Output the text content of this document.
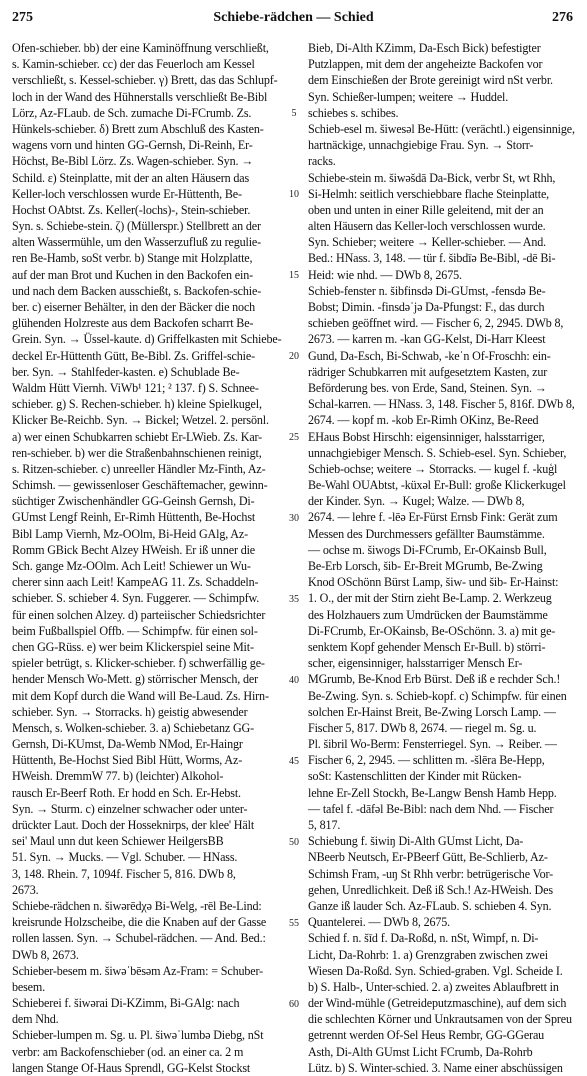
275	Schiebe-rädchen — Schied	276
Ofen-schieber. bb) der eine Kaminöffnung verschließt,
s. Kamin-schieber. cc) der das Feuerloch am Kessel
verschließt, s. Kessel-schieber. γ) Brett, das das Schlupf-
loch in der Wand des Hühnerstalls verschließt Be-Bibl
Lörz, Az-FLaub. de Sch. zumache Di-FCrumb. Zs.
Hünkels-schieber. δ) Brett zum Abschluß des Kasten-
wagens vorn und hinten GG-Gernsh, Di-Reinh, Er-
Höchst, Be-Bibl Lörz. Zs. Wagen-schieber. Syn. →
Schild. ε) Steinplatte, mit der an alten Häusern das
Keller-loch verschlossen wurde Er-Hüttenth, Be-
Hochst OAbtst. Zs. Keller(-lochs)-, Stein-schieber.
Syn. s. Schiebe-stein. ζ) (Müllerspr.) Stellbrett an der
alten Wassermühle, um den Wasserzufluß zu regulie-
ren Be-Hamb, soSt verbr. b) Stange mit Holzplatte,
auf der man Brot und Kuchen in den Backofen ein-
und nach dem Backen ausschießt, s. Backofen-schie-
ber. c) eiserner Behälter, in den der Bäcker die noch
glühenden Holzreste aus dem Backofen scharrt Be-
Grein. Syn. → Üssel-kaute. d) Griffelkasten mit Schiebe-
deckel Er-Hüttenth Gütt, Be-Bibl. Zs. Griffel-schie-
ber. Syn. → Stahlfeder-kasten. e) Schublade Be-
Waldm Hütt Viernh. ViWb¹ 121; ² 137. f) S. Schnee-
schieber. g) S. Rechen-schieber. h) kleine Spielkugel,
Klicker Be-Reichb. Syn. → Bickel; Wetzel. 2. persönl.
a) wer einen Schubkarren schiebt Er-LWieb. Zs. Kar-
ren-schieber. b) wer die Straßenbahnschienen reinigt,
s. Ritzen-schieber. c) unreeller Händler Mz-Finth, Az-
Schimsh. — gewissenloser Geschäftemacher, gewinn-
süchtiger Zwischenhändler GG-Geinsh Gernsh, Di-
GUmst Lengf Reinh, Er-Rimh Hüttenth, Be-Hochst
Bibl Lamp Viernh, Mz-OOlm, Bi-Heid GAlg, Az-
Romm GBick Becht Alzey HWeish. Er iß unner die
Sch. gange Mz-OOlm. Ach Leit! Schiewer un Wu-
cherer sinn aach Leit! KampeAG 11. Zs. Schaddeln-
schieber. S. schieber 4. Syn. Fuggerer. — Schimpfw.
für einen solchen Alzey. d) parteiischer Schiedsrichter
beim Fußballspiel Offb. — Schimpfw. für einen sol-
chen GG-Rüss. e) wer beim Klickerspiel seine Mit-
spieler betrügt, s. Klicker-schieber. f) schwerfällig ge-
hender Mensch Wo-Mett. g) störrischer Mensch, der
mit dem Kopf durch die Wand will Be-Laud. Zs. Hirn-
schieber. Syn. → Storracks. h) geistig abwesender
Mensch, s. Wolken-schieber. 3. a) Schiebetanz GG-
Gernsh, Di-KUmst, Da-Wemb NMod, Er-Haingr
Hüttenth, Be-Hochst Sied Bibl Hütt, Worms, Az-
HWeish. DremmW 77. b) (leichter) Alkohol-
rausch Er-Beerf Roth. Er hodd en Sch. Er-Hebst.
Syn. → Sturm. c) einzelner schwacher oder unter-
drückter Laut. Doch der Hosseknirps, der klee' Hält
sei' Maul unn dut keen Schiewer HeilgersBB
51. Syn. → Mucks. — Vgl. Schuber. — HNass.
3, 148. Rhein. 7, 1094f. Fischer 5, 816. DWb 8,
2673.
Schiebe-rädchen n. šiwərēdχə Bi-Welg, -rēl Be-Lind:
kreisrunde Holzscheibe, die die Knaben auf der Gasse
rollen lassen. Syn. → Schubel-rädchen. — And. Bed.:
DWb 8, 2673.
Schieber-besem m. šiwəˈbēsəm Az-Fram: = Schuber-
besem.
Schieberei f. šiwərai Di-KZimm, Bi-GAlg: nach
dem Nhd.
Schieber-lumpen m. Sg. u. Pl. šiwəˈlumbə Diebg, nSt
verbr: am Backofenschieber (od. an einer ca. 2 m
langen Stange Of-Haus Sprendl, GG-Kelst Stockst
Bieb, Di-Alth KZimm, Da-Esch Bick) befestigter
Putzlappen, mit dem der angeheizte Backofen vor
dem Einschießen der Brote gereinigt wird nSt verbr.
Syn. Schießer-lumpen; weitere → Huddel.
schiebes s. schibes.
Schieb-esel m. šiwesəl Be-Hütt: (verächtl.) eigensinnige,
hartnäckige, unnachgiebige Frau. Syn. → Storr-
racks.
Schiebe-stein m. šiwəšdā Da-Bick, verbr St, wt Rhh,
Si-Helmh: seitlich verschiebbare flache Steinplatte,
oben und unten in einer Rille geleitend, mit der an
alten Häusern das Keller-loch verschlossen wurde.
Syn. Schieber; weitere → Keller-schieber. — And.
Bed.: HNass. 3, 148. — tür f. šibdīə Be-Bibl, -dē Bi-
Heid: wie nhd. — DWb 8, 2675.
Schieb-fenster n. šibfinsdə Di-GUmst, -fensdə Be-
Bobst; Dimin. -finsdəˈjə Da-Pfungst: F., das durch
schieben geöffnet wird. — Fischer 6, 2, 2945. DWb 8,
2673. — karren m. -kan GG-Kelst, Di-Harr Kleest
Gund, Da-Esch, Bi-Schwab, -keˈn Of-Froschh: ein-
rädriger Schubkarren mit aufgesetztem Kasten, zur
Beförderung bes. von Erde, Sand, Steinen. Syn. →
Schal-karren. — HNass. 3, 148. Fischer 5, 816f. DWb 8,
2674. — kopf m. -kob Er-Rimh OKinz, Be-Reed
EHaus Bobst Hirschh: eigensinniger, halsstarriger,
unnachgiebiger Mensch. S. Schieb-esel. Syn. Schieber,
Schieb-ochse; weitere → Storracks. — kugel f. -kuģl
Be-Wahl OUAbtst, -küxəl Er-Bull: große Klickerkugel
der Kinder. Syn. → Kugel; Walze. — DWb 8,
2674. — lehre f. -lēə Er-Fürst Ernsb Fink: Gerät zum
Messen des Durchmessers gefällter Baumstämme.
— ochse m. šiwogs Di-FCrumb, Er-OKainsb Bull,
Be-Erb Lorsch, šib- Er-Breit MGrumb, Be-Zwing
Knod OSchönn Bürst Lamp, šiw- und šib- Er-Hainst:
1. O., der mit der Stirn zieht Be-Lamp. 2. Werkzeug
des Holzhauers zum Umdrücken der Baumstämme
Di-FCrumb, Er-OKainsb, Be-OSchönn. 3. a) mit ge-
senktem Kopf gehender Mensch Er-Bull. b) störri-
scher, eigensinniger, halsstarriger Mensch Er-
MGrumb, Be-Knod Erb Bürst. Deß iß e rechder Sch.!
Be-Zwing. Syn. s. Schieb-kopf. c) Schimpfw. für einen
solchen Er-Hainst Breit, Be-Zwing Lorsch Lamp. —
Fischer 5, 817. DWb 8, 2674. — riegel m. Sg. u.
Pl. šibril Wo-Berm: Fensterriegel. Syn. → Reiber. —
Fischer 6, 2, 2945. — schlitten m. -šlēra Be-Hepp,
soSt: Kastenschlitten der Kinder mit Rücken-
lehne Er-Zell Stockh, Be-Langw Bensh Hamb Hepp.
— tafel f. -dāfəl Be-Bibl: nach dem Nhd. — Fischer
5, 817.
Schiebung f. šiwiŋ Di-Alth GUmst Licht, Da-
NBeerb Neutsch, Er-PBeerf Gütt, Be-Schlierb, Az-
Schimsh Fram, -uŋ St Rhh verbr: betrügerische Vor-
gehen, Unredlichkeit. Deß iß Sch.! Az-HWeish. Des
Ganze iß lauder Sch. Az-FLaub. S. schieben 4. Syn.
Quantelerei. — DWb 8, 2675.
Schied f. n. šīd f. Da-Roßd, n. nSt, Wimpf, n. Di-
Licht, Da-Rohrb: 1. a) Grenzgraben zwischen zwei
Wiesen Da-Roßd. Syn. Schied-graben. Vgl. Scheide I.
b) S. Halb-, Unter-schied. 2. a) zweites Ablaufbrett in
der Wind-mühle (Getreideputzmaschine), auf dem sich
die schlechten Körner und Unkrautsamen von der Spreu
getrennt werden Of-Sel Heus Rembr, GG-GGerau
Asth, Di-Alth GUmst Licht FCrumb, Da-Rohrb
Lütz. b) S. Winter-schied. 3. Name einer abschüssigen
5
10
15
20
25
30
35
40
45
50
55
60
